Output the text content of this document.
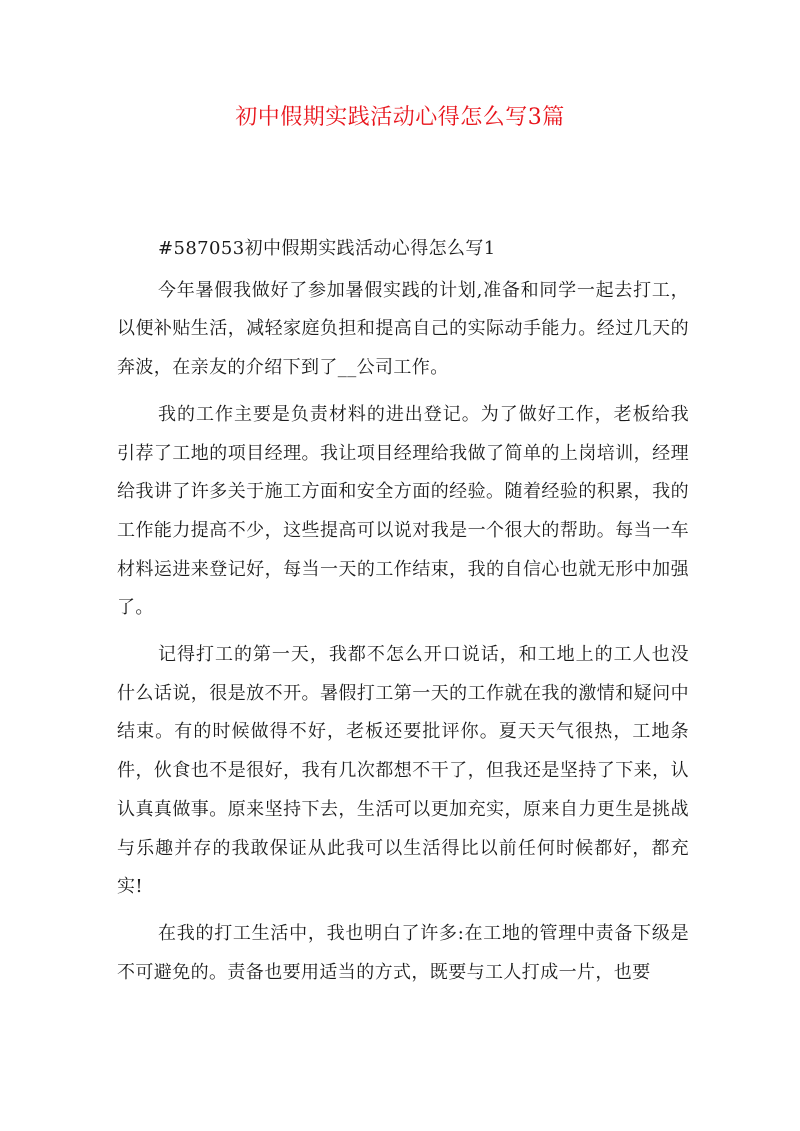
初中假期实践活动心得怎么写3篇

#587053初中假期实践活动心得怎么写1

今年暑假我做好了参加暑假实践的计划,准备和同学一起去打工，以便补贴生活，减轻家庭负担和提高自己的实际动手能力。经过几天的奔波，在亲友的介绍下到了__公司工作。

我的工作主要是负责材料的进出登记。为了做好工作，老板给我引荐了工地的项目经理。我让项目经理给我做了简单的上岗培训，经理给我讲了许多关于施工方面和安全方面的经验。随着经验的积累，我的工作能力提高不少，这些提高可以说对我是一个很大的帮助。每当一车材料运进来登记好，每当一天的工作结束，我的自信心也就无形中加强了。

记得打工的第一天，我都不怎么开口说话，和工地上的工人也没什么话说，很是放不开。暑假打工第一天的工作就在我的激情和疑问中结束。有的时候做得不好，老板还要批评你。夏天天气很热，工地条件，伙食也不是很好，我有几次都想不干了，但我还是坚持了下来，认认真真做事。原来坚持下去，生活可以更加充实，原来自力更生是挑战与乐趣并存的我敢保证从此我可以生活得比以前任何时候都好，都充实!

在我的打工生活中，我也明白了许多:在工地的管理中责备下级是不可避免的。责备也要用适当的方式，既要与工人打成一片，也要
